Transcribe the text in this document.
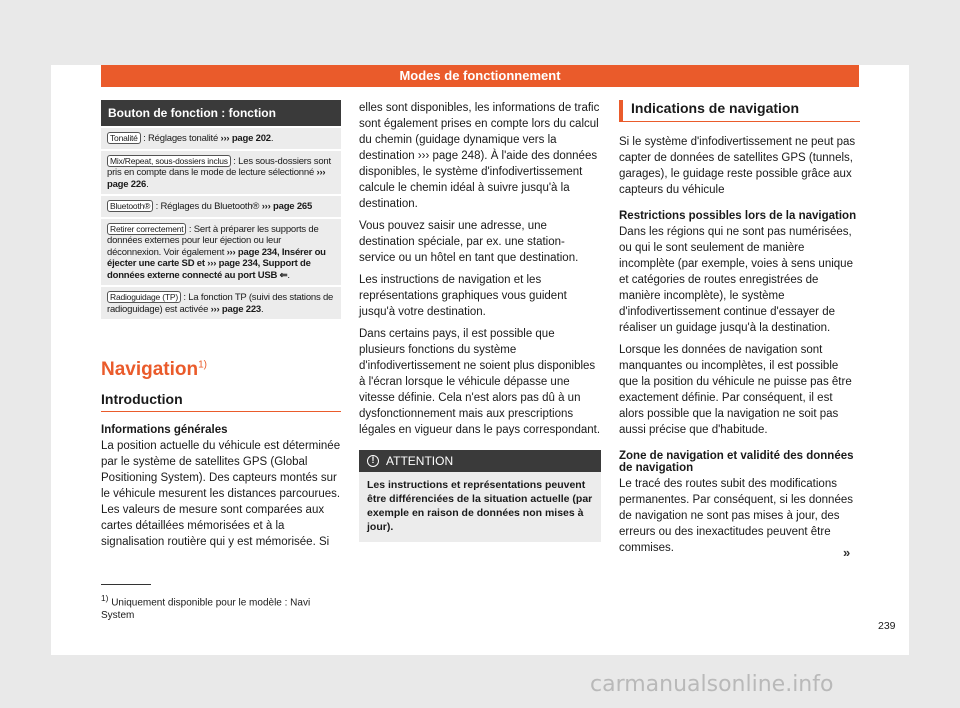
Modes de fonctionnement
Bouton de fonction : fonction
Tonalité : Réglages tonalité ››› page 202.
Mix/Repeat, sous-dossiers inclus : Les sous-dossiers sont pris en compte dans le mode de lecture sélectionné ››› page 226.
Bluetooth® : Réglages du Bluetooth® ››› page 265
Retirer correctement : Sert à préparer les supports de données externes pour leur éjection ou leur déconnexion. Voir également ››› page 234, Insérer ou éjecter une carte SD et ››› page 234, Support de données externe connecté au port USB ⇐.
Radioguidage (TP) : La fonction TP (suivi des stations de radioguidage) est activée ››› page 223.
Navigation$^{1)}$
Introduction
Informations générales

La position actuelle du véhicule est déterminée par le système de satellites GPS (Global Positioning System). Des capteurs montés sur le véhicule mesurent les distances parcourues. Les valeurs de mesure sont comparées aux cartes détaillées mémorisées et à la signalisation routière qui y est mémorisée. Si

$^{1)}$ Uniquement disponible pour le modèle : Navi System

elles sont disponibles, les informations de trafic sont également prises en compte lors du calcul du chemin (guidage dynamique vers la destination ››› page 248). À l'aide des données disponibles, le système d'infodivertissement calcule le chemin idéal à suivre jusqu'à la destination.

Vous pouvez saisir une adresse, une destination spéciale, par ex. une station-service ou un hôtel en tant que destination.

Les instructions de navigation et les représentations graphiques vous guident jusqu'à votre destination.

Dans certains pays, il est possible que plusieurs fonctions du système d'infodivertissement ne soient plus disponibles à l'écran lorsque le véhicule dépasse une vitesse définie. Cela n'est alors pas dû à un dysfonctionnement mais aux prescriptions légales en vigueur dans le pays correspondant.

! ATTENTION
Les instructions et représentations peuvent être différenciées de la situation actuelle (par exemple en raison de données non mises à jour).
Indications de navigation

Si le système d'infodivertissement ne peut pas capter de données de satellites GPS (tunnels, garages), le guidage reste possible grâce aux capteurs du véhicule

Restrictions possibles lors de la navigation

Dans les régions qui ne sont pas numérisées, ou qui le sont seulement de manière incomplète (par exemple, voies à sens unique et catégories de routes enregistrées de manière incomplète), le système d'infodivertissement continue d'essayer de réaliser un guidage jusqu'à la destination.

Lorsque les données de navigation sont manquantes ou incomplètes, il est possible que la position du véhicule ne puisse pas être exactement définie. Par conséquent, il est alors possible que la navigation ne soit pas aussi précise que d'habitude.

Zone de navigation et validité des données de navigation

Le tracé des routes subit des modifications permanentes. Par conséquent, si les données de navigation ne sont pas mises à jour, des erreurs ou des inexactitudes peuvent être commises.	»
239
carmanualsonline.info
